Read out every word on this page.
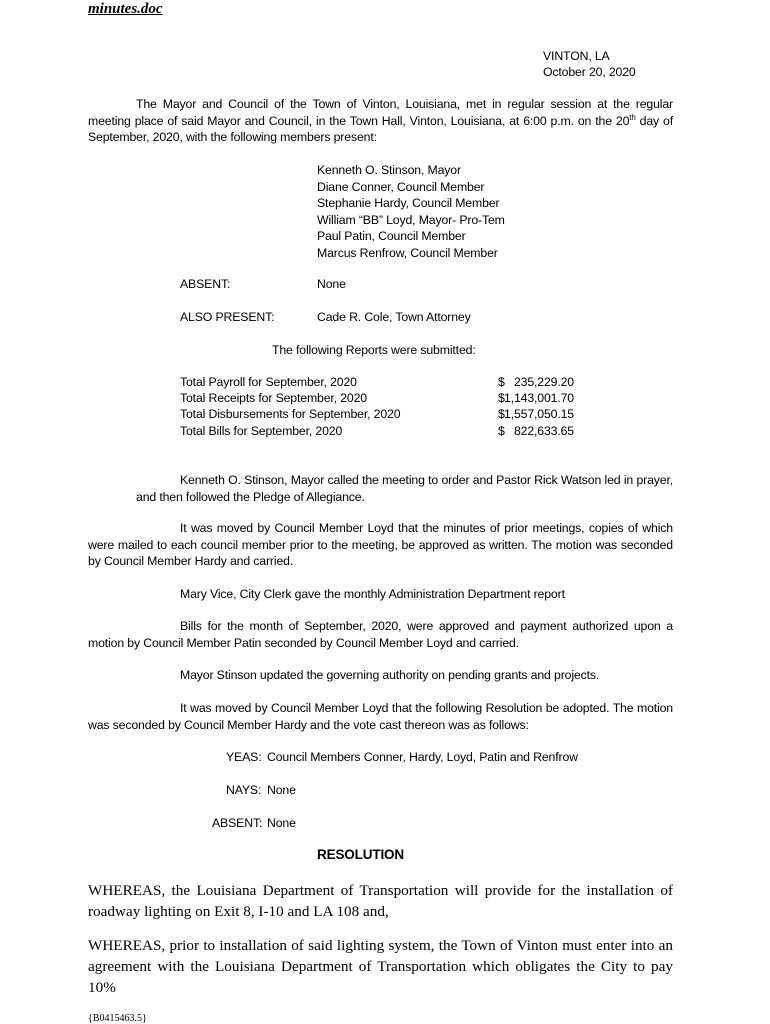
minutes.doc
VINTON, LA
October 20, 2020
The Mayor and Council of the Town of Vinton, Louisiana, met in regular session at the regular meeting place of said Mayor and Council, in the Town Hall, Vinton, Louisiana, at 6:00 p.m. on the 20th day of September, 2020, with the following members present:
Kenneth O. Stinson, Mayor
Diane Conner, Council Member
Stephanie Hardy, Council Member
William “BB” Loyd, Mayor- Pro-Tem
Paul Patin, Council Member
Marcus Renfrow, Council Member
ABSENT:	None
ALSO PRESENT:	Cade R. Cole, Town Attorney
The following Reports were submitted:
Total Payroll for September, 2020	$ 235,229.20
Total Receipts for September, 2020	$ 1,143,001.70
Total Disbursements for September, 2020	$ 1,557,050.15
Total Bills for September, 2020	$ 822,633.65
Kenneth O. Stinson, Mayor called the meeting to order and Pastor Rick Watson led in prayer, and then followed the Pledge of Allegiance.
It was moved by Council Member Loyd that the minutes of prior meetings, copies of which were mailed to each council member prior to the meeting, be approved as written. The motion was seconded by Council Member Hardy and carried.
Mary Vice, City Clerk gave the monthly Administration Department report
Bills for the month of September, 2020, were approved and payment authorized upon a motion by Council Member Patin seconded by Council Member Loyd and carried.
Mayor Stinson updated the governing authority on pending grants and projects.
It was moved by Council Member Loyd that the following Resolution be adopted. The motion was seconded by Council Member Hardy and the vote cast thereon was as follows:
YEAS: Council Members Conner, Hardy, Loyd, Patin and Renfrow
NAYS: None
ABSENT: None
RESOLUTION
WHEREAS, the Louisiana Department of Transportation will provide for the installation of roadway lighting on Exit 8, I-10 and LA 108 and,
WHEREAS, prior to installation of said lighting system, the Town of Vinton must enter into an agreement with the Louisiana Department of Transportation which obligates the City to pay 10%
{B0415463.5}
